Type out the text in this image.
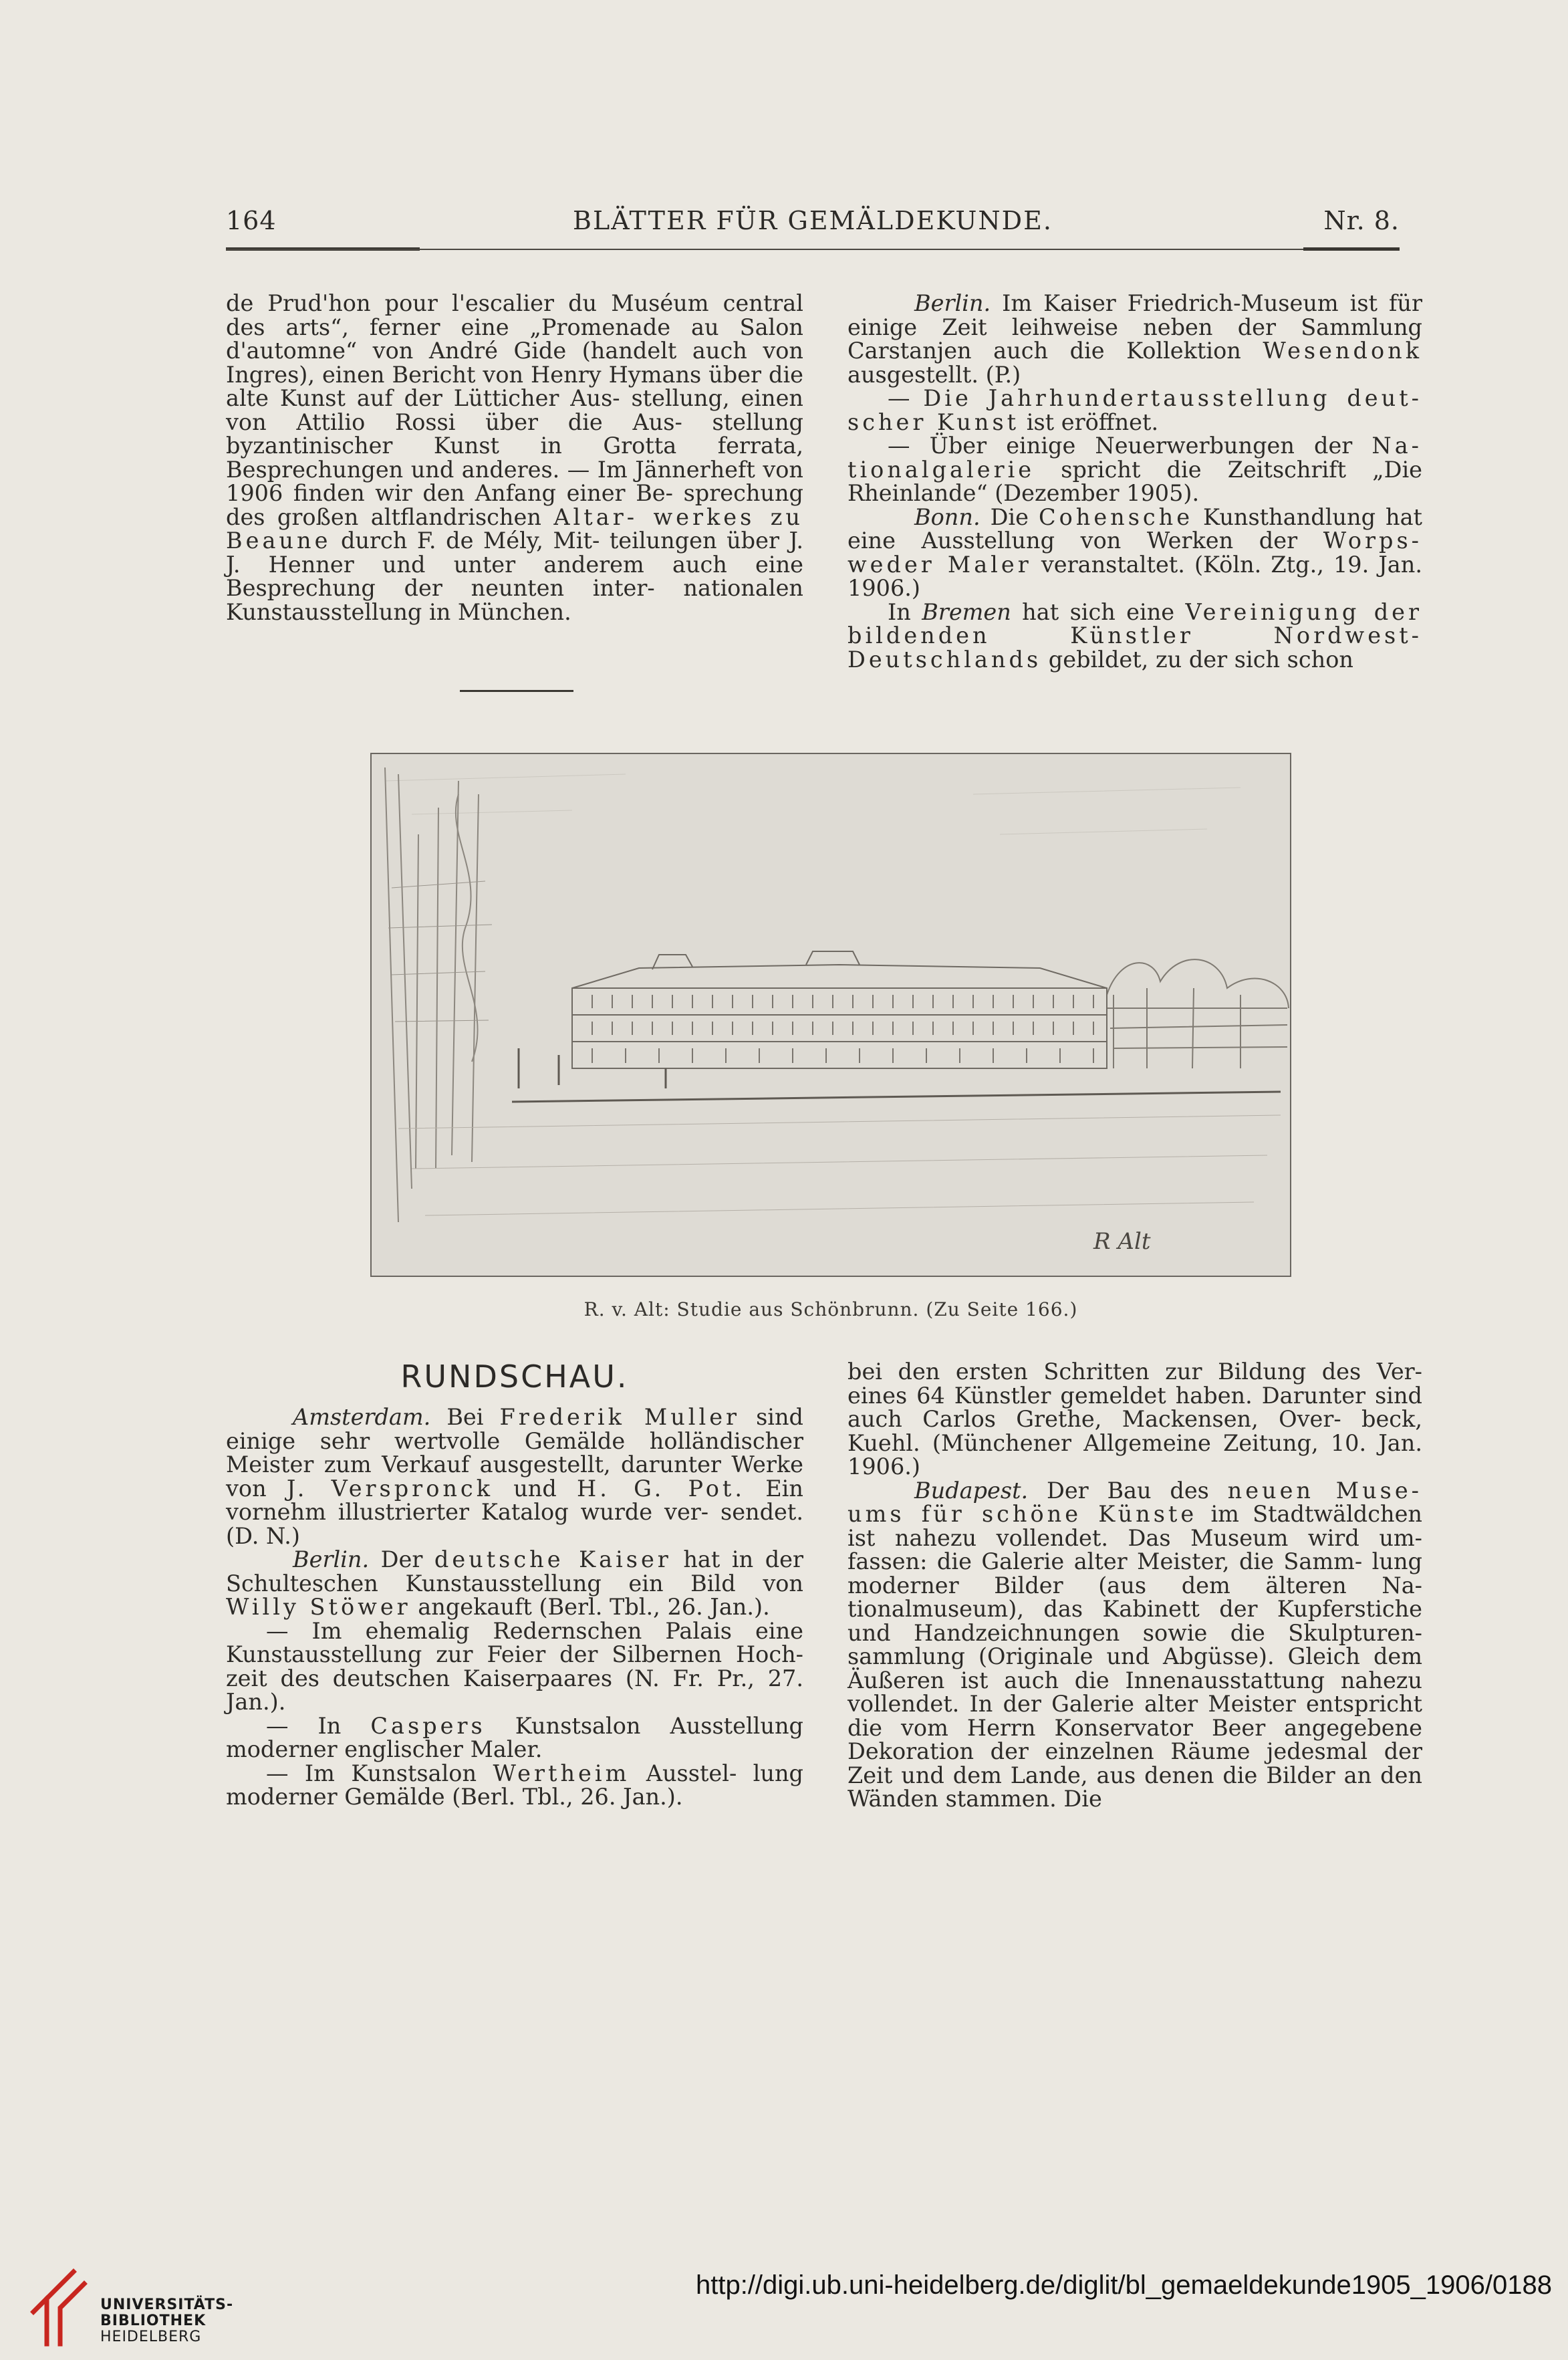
164	BLÄTTER FÜR GEMÄLDEKUNDE.	Nr. 8.

de Prud'hon pour l'escalier du Muséum central des arts“, ferner eine „Promenade au Salon d'automne“ von André Gide (handelt auch von Ingres), einen Bericht von Henry Hymans über die alte Kunst auf der Lütticher Aus- stellung, einen von Attilio Rossi über die Aus- stellung byzantinischer Kunst in Grotta ferrata, Besprechungen und anderes. — Im Jännerheft von 1906 finden wir den Anfang einer Be- sprechung des großen altflandrischen Altar- werkes zu Beaune durch F. de Mély, Mit- teilungen über J. J. Henner und unter anderem auch eine Besprechung der neunten inter- nationalen Kunstausstellung in München.

Berlin. Im Kaiser Friedrich-Museum ist für einige Zeit leihweise neben der Sammlung Carstanjen auch die Kollektion Wesendonk ausgestellt. (P.)

— Die Jahrhundertausstellung deut- scher Kunst ist eröffnet.

— Über einige Neuerwerbungen der Na- tionalgalerie spricht die Zeitschrift „Die Rheinlande“ (Dezember 1905).

Bonn. Die Cohensche Kunsthandlung hat eine Ausstellung von Werken der Worps- weder Maler veranstaltet. (Köln. Ztg., 19. Jan. 1906.)

In Bremen hat sich eine Vereinigung der bildenden Künstler Nordwest- Deutschlands gebildet, zu der sich schon

R Alt
R. v. Alt: Studie aus Schönbrunn. (Zu Seite 166.)
RUNDSCHAU.

Amsterdam. Bei Frederik Muller sind einige sehr wertvolle Gemälde holländischer Meister zum Verkauf ausgestellt, darunter Werke von J. Verspronck und H. G. Pot. Ein vornehm illustrierter Katalog wurde ver- sendet. (D. N.)

Berlin. Der deutsche Kaiser hat in der Schulteschen Kunstausstellung ein Bild von Willy Stöwer angekauft (Berl. Tbl., 26. Jan.).

— Im ehemalig Redernschen Palais eine Kunstausstellung zur Feier der Silbernen Hoch- zeit des deutschen Kaiserpaares (N. Fr. Pr., 27. Jan.).

— In Caspers Kunstsalon Ausstellung moderner englischer Maler.

— Im Kunstsalon Wertheim Ausstel- lung moderner Gemälde (Berl. Tbl., 26. Jan.).

bei den ersten Schritten zur Bildung des Ver- eines 64 Künstler gemeldet haben. Darunter sind auch Carlos Grethe, Mackensen, Over- beck, Kuehl. (Münchener Allgemeine Zeitung, 10. Jan. 1906.)

Budapest. Der Bau des neuen Muse- ums für schöne Künste im Stadtwäldchen ist nahezu vollendet. Das Museum wird um- fassen: die Galerie alter Meister, die Samm- lung moderner Bilder (aus dem älteren Na- tionalmuseum), das Kabinett der Kupferstiche und Handzeichnungen sowie die Skulpturen- sammlung (Originale und Abgüsse). Gleich dem Äußeren ist auch die Innenausstattung nahezu vollendet. In der Galerie alter Meister entspricht die vom Herrn Konservator Beer angegebene Dekoration der einzelnen Räume jedesmal der Zeit und dem Lande, aus denen die Bilder an den Wänden stammen. Die

UNIVERSITÄTS-
BIBLIOTHEK
HEIDELBERG
http://digi.ub.uni-heidelberg.de/diglit/bl_gemaeldekunde1905_1906/0188
